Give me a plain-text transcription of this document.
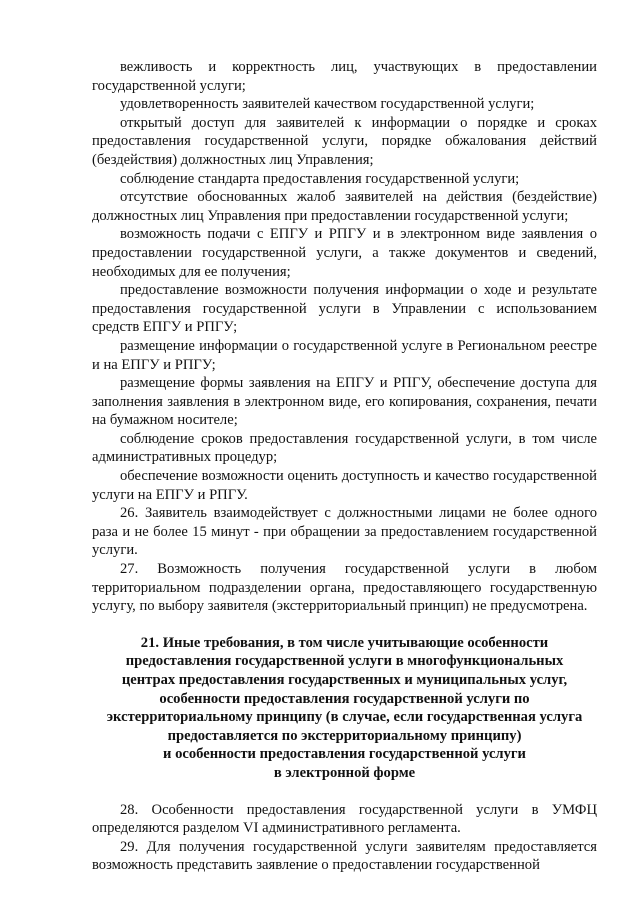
вежливость и корректность лиц, участвующих в предоставлении государственной услуги;

удовлетворенность заявителей качеством государственной услуги;

открытый доступ для заявителей к информации о порядке и сроках предоставления государственной услуги, порядке обжалования действий (бездействия) должностных лиц Управления;

соблюдение стандарта предоставления государственной услуги;

отсутствие обоснованных жалоб заявителей на действия (бездействие) должностных лиц Управления при предоставлении государственной услуги;

возможность подачи с ЕПГУ и РПГУ и в электронном виде заявления о предоставлении государственной услуги, а также документов и сведений, необходимых для ее получения;

предоставление возможности получения информации о ходе и результате предоставления государственной услуги в Управлении с использованием средств ЕПГУ и РПГУ;

размещение информации о государственной услуге в Региональном реестре и на ЕПГУ и РПГУ;

размещение формы заявления на ЕПГУ и РПГУ, обеспечение доступа для заполнения заявления в электронном виде, его копирования, сохранения, печати на бумажном носителе;

соблюдение сроков предоставления государственной услуги, в том числе административных процедур;

обеспечение возможности оценить доступность и качество государственной услуги на ЕПГУ и РПГУ.

26. Заявитель взаимодействует с должностными лицами не более одного раза и не более 15 минут - при обращении за предоставлением государственной услуги.

27. Возможность получения государственной услуги в любом территориальном подразделении органа, предоставляющего государственную услугу, по выбору заявителя (экстерриториальный принцип) не предусмотрена.

21. Иные требования, в том числе учитывающие особенности
предоставления государственной услуги в многофункциональных
центрах предоставления государственных и муниципальных услуг,
особенности предоставления государственной услуги по
экстерриториальному принципу (в случае, если государственная услуга
предоставляется по экстерриториальному принципу)
и особенности предоставления государственной услуги
в электронной форме

28. Особенности предоставления государственной услуги в УМФЦ определяются разделом VI административного регламента.

29. Для получения государственной услуги заявителям предоставляется возможность представить заявление о предоставлении государственной
